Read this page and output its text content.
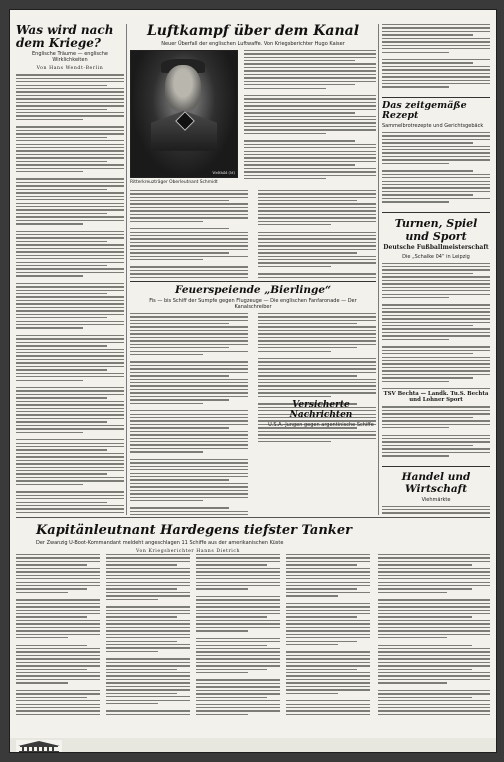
Was wird nach dem Kriege?
Englische Träume — englische Wirklichkeiten
Von Hans Wendt-Berlin
Luftkampf über dem Kanal
Neuer Überfall der englischen Luftwaffe. Von Kriegsberichter Hugo Kaiser
Weltbild (M)
Ritterkreuzträger Oberleutnant Schmidt
Feuerspeiende „Bierlinge“
Fis — bis Schiff der Sumpfe gegen Flugzeuge — Die englischen Fanfaronade — Der Kanalschreiber
Das zeitgemäße Rezept
Sammelbrotrezepte und Gerichtsgebäck
Turnen, Spiel und Sport
Deutsche Fußballmeisterschaft
Die „Schalke 04“ in Leipzig
TSV Bechta — Landk. Tu.S. Bechta und Lohner Sport
Handel und Wirtschaft
Viehmärkte
Kapitänleutnant Hardegens tiefster Tanker
Der Zwanzig U-Boot-Kommandant meldeht angeschlagen 11 Schiffe aus der amerikanischen Küste
Von Kriegsberichter Hanns Dietrich
Versicherte Nachrichten
U.S.A.-Jungen gegen argentinische Schiffe
